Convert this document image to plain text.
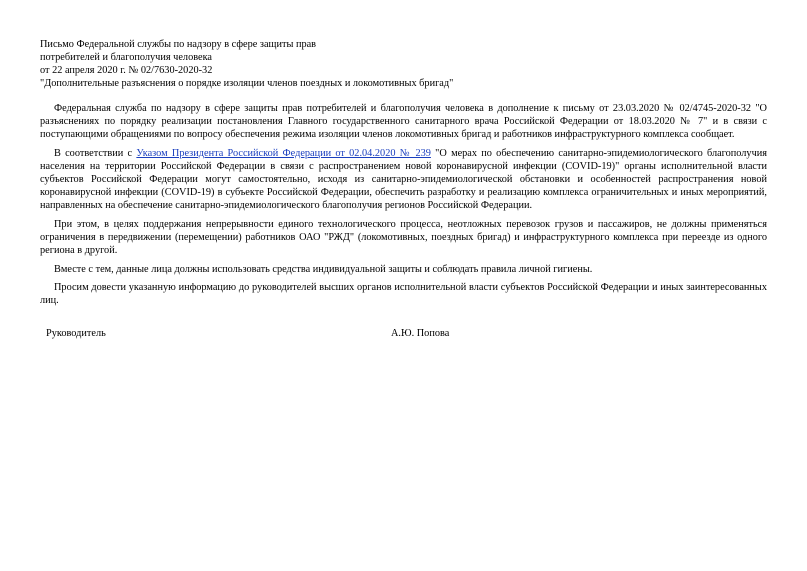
Письмо Федеральной службы по надзору в сфере защиты прав

потребителей и благополучия человека

от 22 апреля 2020 г. № 02/7630-2020-32

"Дополнительные разъяснения о порядке изоляции членов поездных и локомотивных бригад"

Федеральная служба по надзору в сфере защиты прав потребителей и благополучия человека в дополнение к письму от 23.03.2020 № 02/4745-2020-32 "О разъяснениях по порядку реализации постановления Главного государственного санитарного врача Российской Федерации от 18.03.2020 № 7" и в связи с поступающими обращениями по вопросу обеспечения режима изоляции членов локомотивных бригад и работников инфраструктурного комплекса сообщает.

В соответствии с Указом Президента Российской Федерации от 02.04.2020 № 239 "О мерах по обеспечению санитарно-эпидемиологического благополучия населения на территории Российской Федерации в связи с распространением новой коронавирусной инфекции (COVID-19)" органы исполнительной власти субъектов Российской Федерации могут самостоятельно, исходя из санитарно-эпидемиологической обстановки и особенностей распространения новой коронавирусной инфекции (COVID-19) в субъекте Российской Федерации, обеспечить разработку и реализацию комплекса ограничительных и иных мероприятий, направленных на обеспечение санитарно-эпидемиологического благополучия регионов Российской Федерации.

При этом, в целях поддержания непрерывности единого технологического процесса, неотложных перевозок грузов и пассажиров, не должны применяться ограничения в передвижении (перемещении) работников ОАО "РЖД" (локомотивных, поездных бригад) и инфраструктурного комплекса при переезде из одного региона в другой.

Вместе с тем, данные лица должны использовать средства индивидуальной защиты и соблюдать правила личной гигиены.

Просим довести указанную информацию до руководителей высших органов исполнительной власти субъектов Российской Федерации и иных заинтересованных лиц.

Руководитель	А.Ю. Попова
